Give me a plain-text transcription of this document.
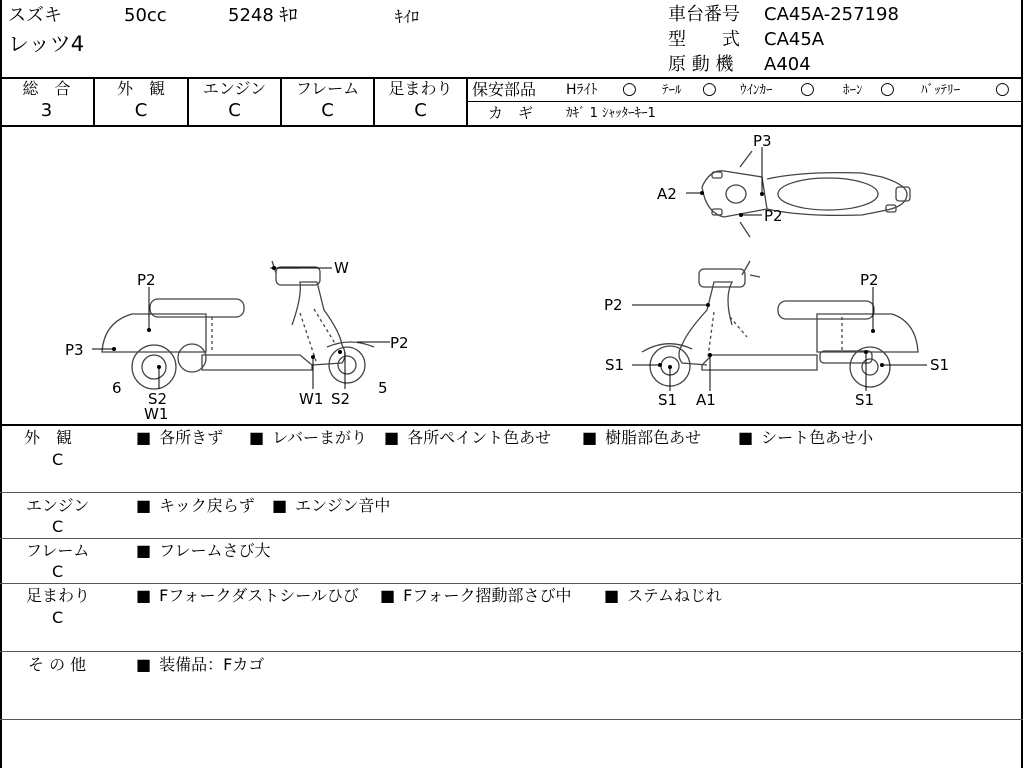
スズキ	50cc	5248 ｷﾛ	ｷｲﾛ
レッツ4
車台番号 CA45A-257198
型　　式 CA45A
原 動 機 A404
総　合
3
外　観
C
エンジン
C
フレーム
C
足まわり
C
保安部品 Hﾗｲﾄ ○ ﾃｰﾙ ○ ｳｲﾝｶｰ ○ ﾎｰﾝ ○ ﾊﾞｯﾃﾘｰ ○
カ　ギ	ｶｷﾞ 1 ｼｬｯﾀｰｷｰ1
W
P2
P3	P2
6
S2
W1
W1 S2
5
P3
A2
P2
P2
P2
S1	S1
S1 A1	S1
外　観
C
■ 各所きず	■ レバーまがり	■ 各所ペイント色あせ	■ 樹脂部色あせ	■ シート色あせ小
エンジン
C
■ キック戻らず	■ エンジン音中
フレーム
C
■ フレームさび大
足まわり
C
■ Fフォークダストシールひび	■ Fフォーク摺動部さび中	■ ステムねじれ
そ の 他	■ 装備品：Fカゴ
